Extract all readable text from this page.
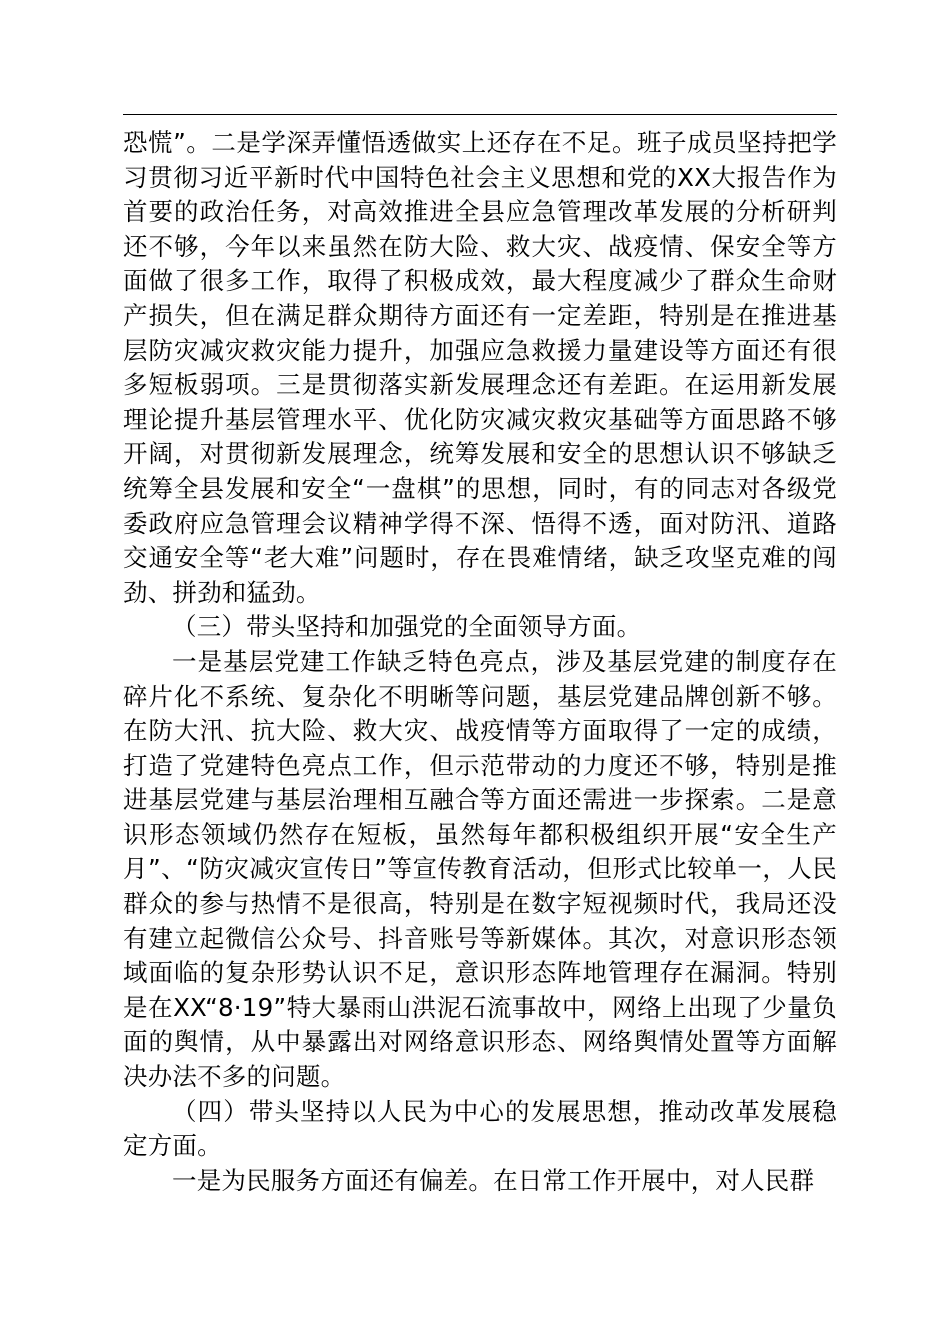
恐慌”。二是学深弄懂悟透做实上还存在不足。班子成员坚持把学习贯彻习近平新时代中国特色社会主义思想和党的XX大报告作为首要的政治任务，对高效推进全县应急管理改革发展的分析研判还不够，今年以来虽然在防大险、救大灾、战疫情、保安全等方面做了很多工作，取得了积极成效，最大程度减少了群众生命财产损失，但在满足群众期待方面还有一定差距，特别是在推进基层防灾减灾救灾能力提升，加强应急救援力量建设等方面还有很多短板弱项。三是贯彻落实新发展理念还有差距。在运用新发展理论提升基层管理水平、优化防灾减灾救灾基础等方面思路不够开阔，对贯彻新发展理念，统筹发展和安全的思想认识不够缺乏统筹全县发展和安全“一盘棋”的思想，同时，有的同志对各级党委政府应急管理会议精神学得不深、悟得不透，面对防汛、道路交通安全等“老大难”问题时，存在畏难情绪，缺乏攻坚克难的闯劲、拼劲和猛劲。

（三）带头坚持和加强党的全面领导方面。

一是基层党建工作缺乏特色亮点，涉及基层党建的制度存在碎片化不系统、复杂化不明晰等问题，基层党建品牌创新不够。在防大汛、抗大险、救大灾、战疫情等方面取得了一定的成绩，打造了党建特色亮点工作，但示范带动的力度还不够，特别是推进基层党建与基层治理相互融合等方面还需进一步探索。二是意识形态领域仍然存在短板，虽然每年都积极组织开展“安全生产月”、“防灾减灾宣传日”等宣传教育活动，但形式比较单一，人民群众的参与热情不是很高，特别是在数字短视频时代，我局还没有建立起微信公众号、抖音账号等新媒体。其次，对意识形态领域面临的复杂形势认识不足，意识形态阵地管理存在漏洞。特别是在XX“8·19”特大暴雨山洪泥石流事故中，网络上出现了少量负面的舆情，从中暴露出对网络意识形态、网络舆情处置等方面解决办法不多的问题。

（四）带头坚持以人民为中心的发展思想，推动改革发展稳定方面。

一是为民服务方面还有偏差。在日常工作开展中，对人民群
